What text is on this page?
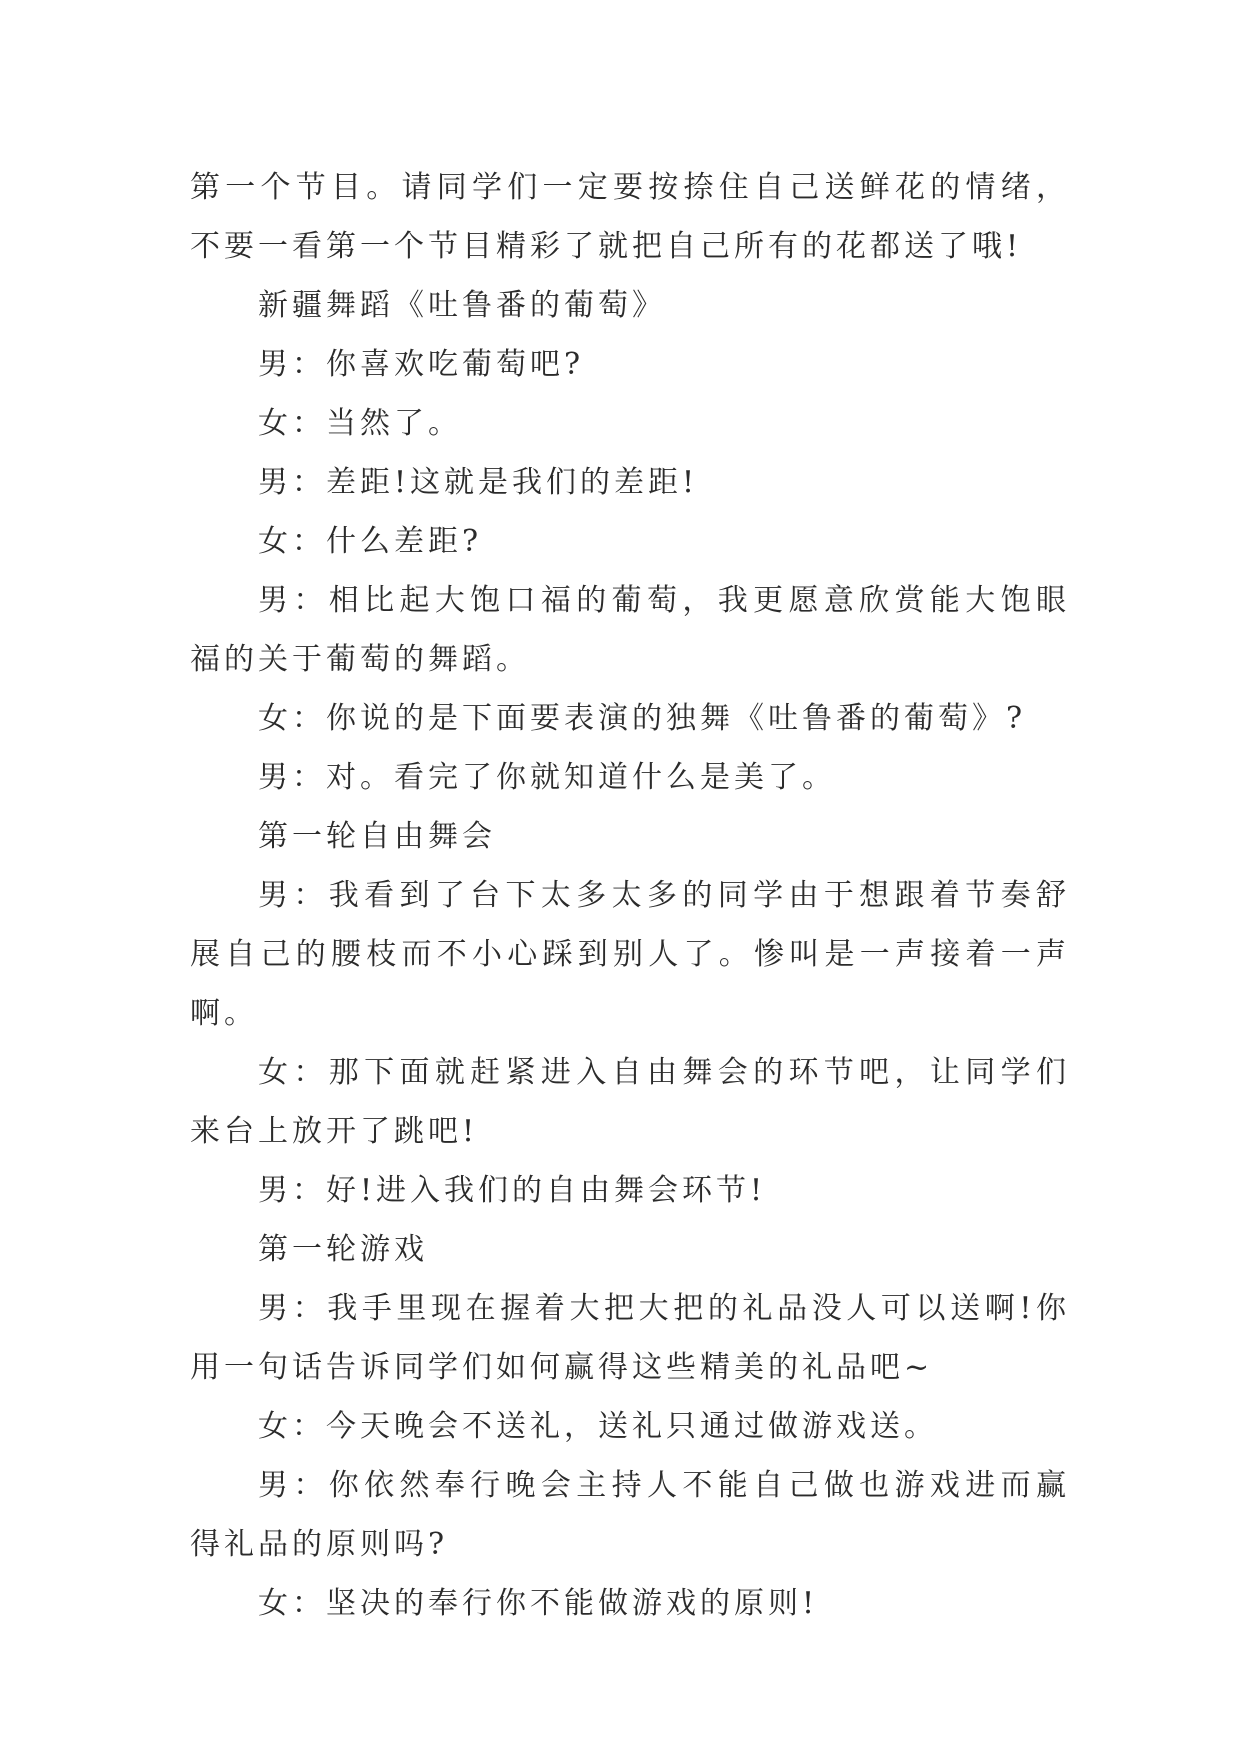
第一个节目。请同学们一定要按捺住自己送鲜花的情绪，不要一看第一个节目精彩了就把自己所有的花都送了哦!

新疆舞蹈《吐鲁番的葡萄》

男：你喜欢吃葡萄吧?

女：当然了。

男：差距!这就是我们的差距!

女：什么差距?

男：相比起大饱口福的葡萄，我更愿意欣赏能大饱眼福的关于葡萄的舞蹈。

女：你说的是下面要表演的独舞《吐鲁番的葡萄》?

男：对。看完了你就知道什么是美了。

第一轮自由舞会

男：我看到了台下太多太多的同学由于想跟着节奏舒展自己的腰枝而不小心踩到别人了。惨叫是一声接着一声啊。

女：那下面就赶紧进入自由舞会的环节吧，让同学们来台上放开了跳吧!

男：好!进入我们的自由舞会环节!

第一轮游戏

男：我手里现在握着大把大把的礼品没人可以送啊!你用一句话告诉同学们如何赢得这些精美的礼品吧~

女：今天晚会不送礼，送礼只通过做游戏送。

男：你依然奉行晚会主持人不能自己做也游戏进而赢得礼品的原则吗?

女：坚决的奉行你不能做游戏的原则!
